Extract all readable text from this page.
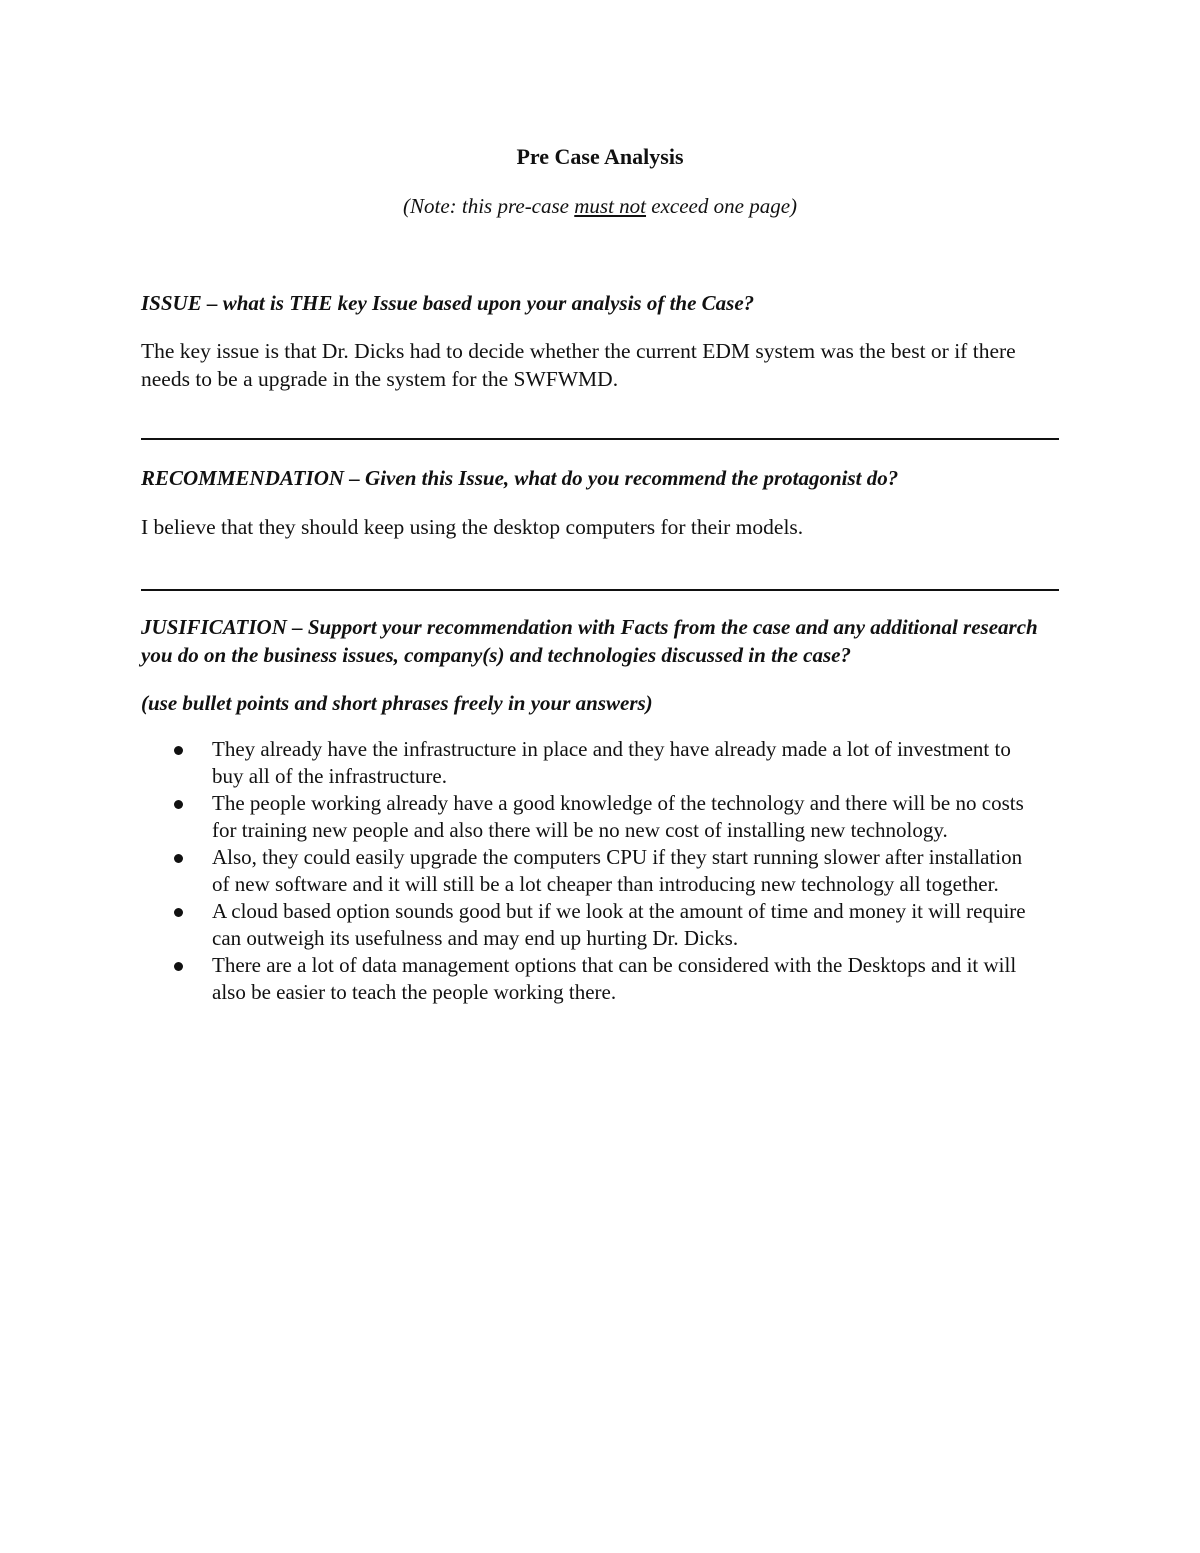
Pre Case Analysis
(Note: this pre-case must not exceed one page)
ISSUE – what is THE key Issue based upon your analysis of the Case?
The key issue is that Dr. Dicks had to decide whether the current EDM system was the best or if there needs to be a upgrade in the system for the SWFWMD.
RECOMMENDATION – Given this Issue, what do you recommend the protagonist do?
I believe that they should keep using the desktop computers for their models.
JUSIFICATION – Support your recommendation with Facts from the case and any additional research you do on the business issues, company(s) and technologies discussed in the case?
(use bullet points and short phrases freely in your answers)
They already have the infrastructure in place and they have already made a lot of investment to buy all of the infrastructure.
The people working already have a good knowledge of the technology and there will be no costs for training new people and also there will be no new cost of installing new technology.
Also, they could easily upgrade the computers CPU if they start running slower after installation of new software and it will still be a lot cheaper than introducing new technology all together.
A cloud based option sounds good but if we look at the amount of time and money it will require can outweigh its usefulness and may end up hurting Dr. Dicks.
There are a lot of data management options that can be considered with the Desktops and it will also be easier to teach the people working there.
